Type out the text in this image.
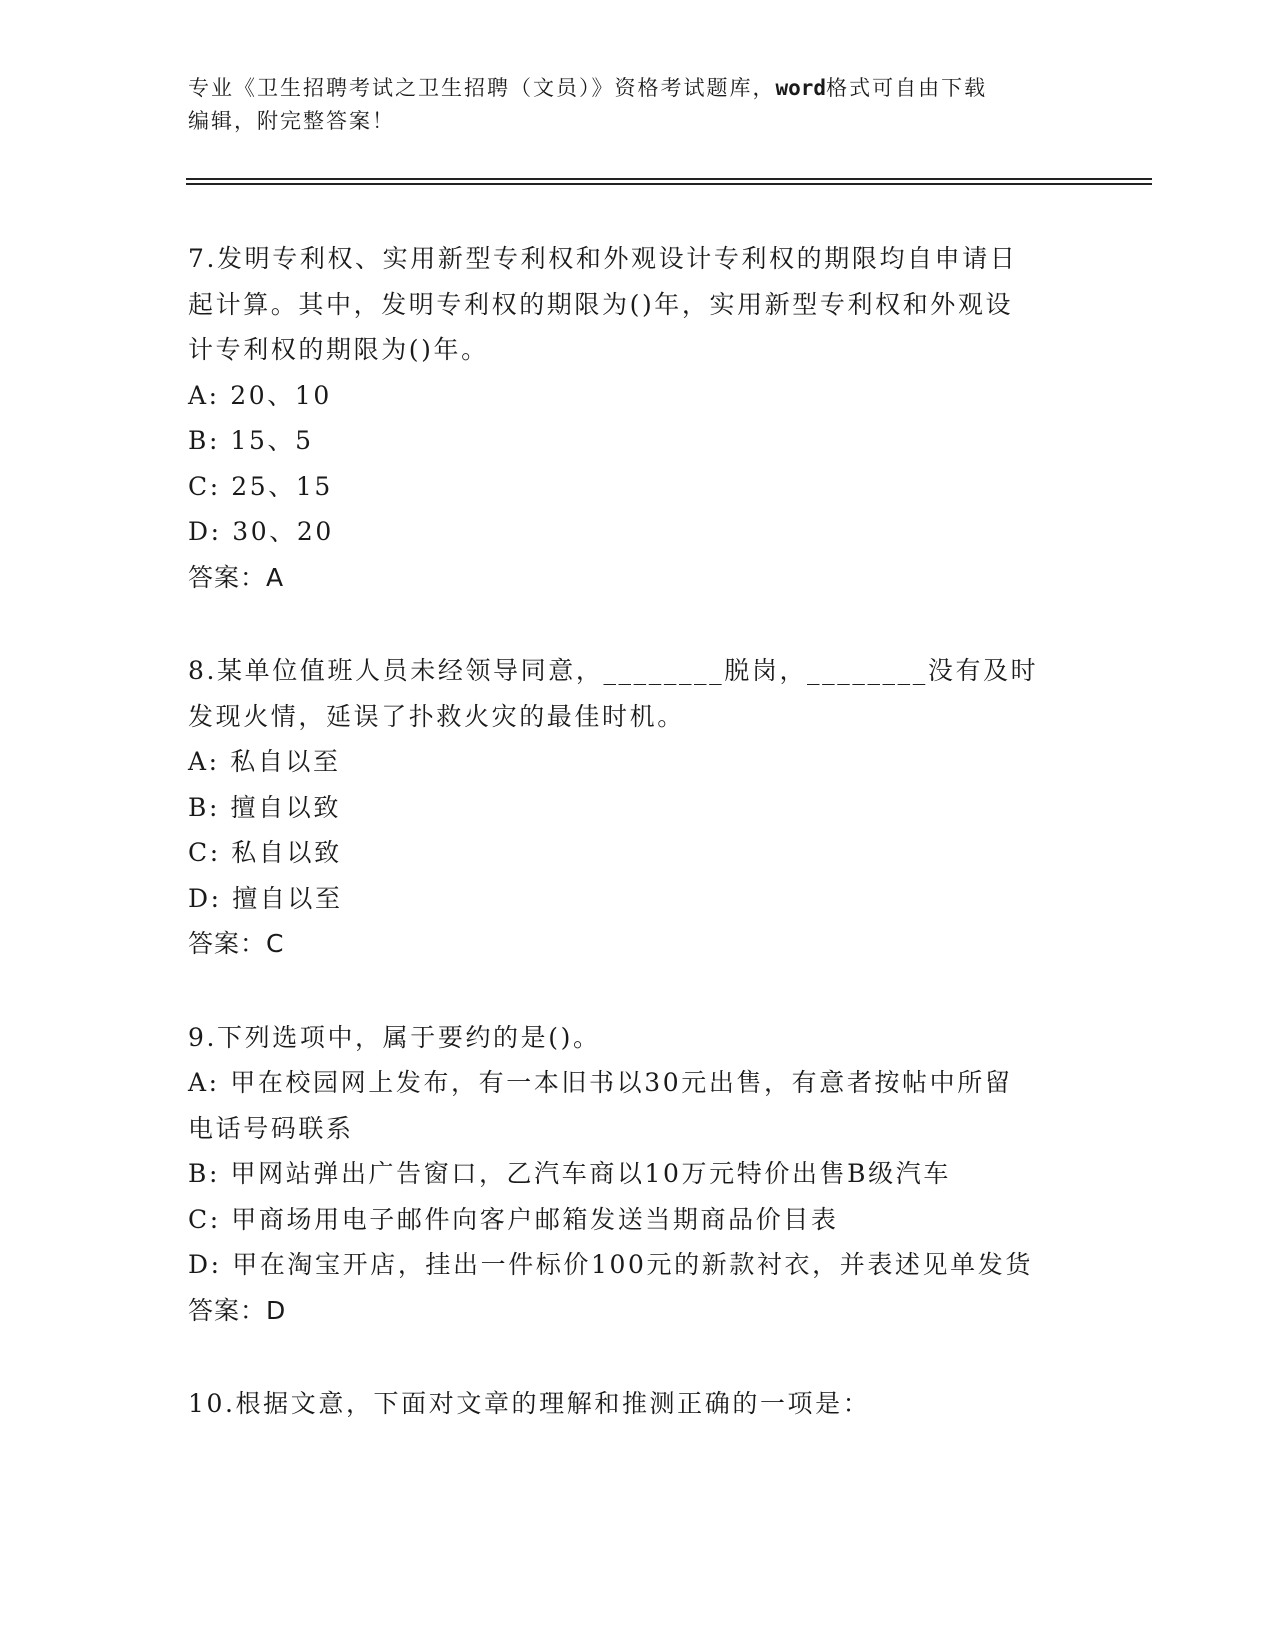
专业《卫生招聘考试之卫生招聘（文员）》资格考试题库，word格式可自由下载
编辑，附完整答案！
7.发明专利权、实用新型专利权和外观设计专利权的期限均自申请日
起计算。其中，发明专利权的期限为()年，实用新型专利权和外观设
计专利权的期限为()年。
A: 20、10
B: 15、5
C: 25、15
D: 30、20
答案：A
8.某单位值班人员未经领导同意，________脱岗，________没有及时
发现火情，延误了扑救火灾的最佳时机。
A: 私自以至
B: 擅自以致
C: 私自以致
D: 擅自以至
答案：C
9.下列选项中，属于要约的是()。
A: 甲在校园网上发布，有一本旧书以30元出售，有意者按帖中所留
电话号码联系
B: 甲网站弹出广告窗口，乙汽车商以10万元特价出售B级汽车
C: 甲商场用电子邮件向客户邮箱发送当期商品价目表
D: 甲在淘宝开店，挂出一件标价100元的新款衬衣，并表述见单发货
答案：D
10.根据文意，下面对文章的理解和推测正确的一项是：
